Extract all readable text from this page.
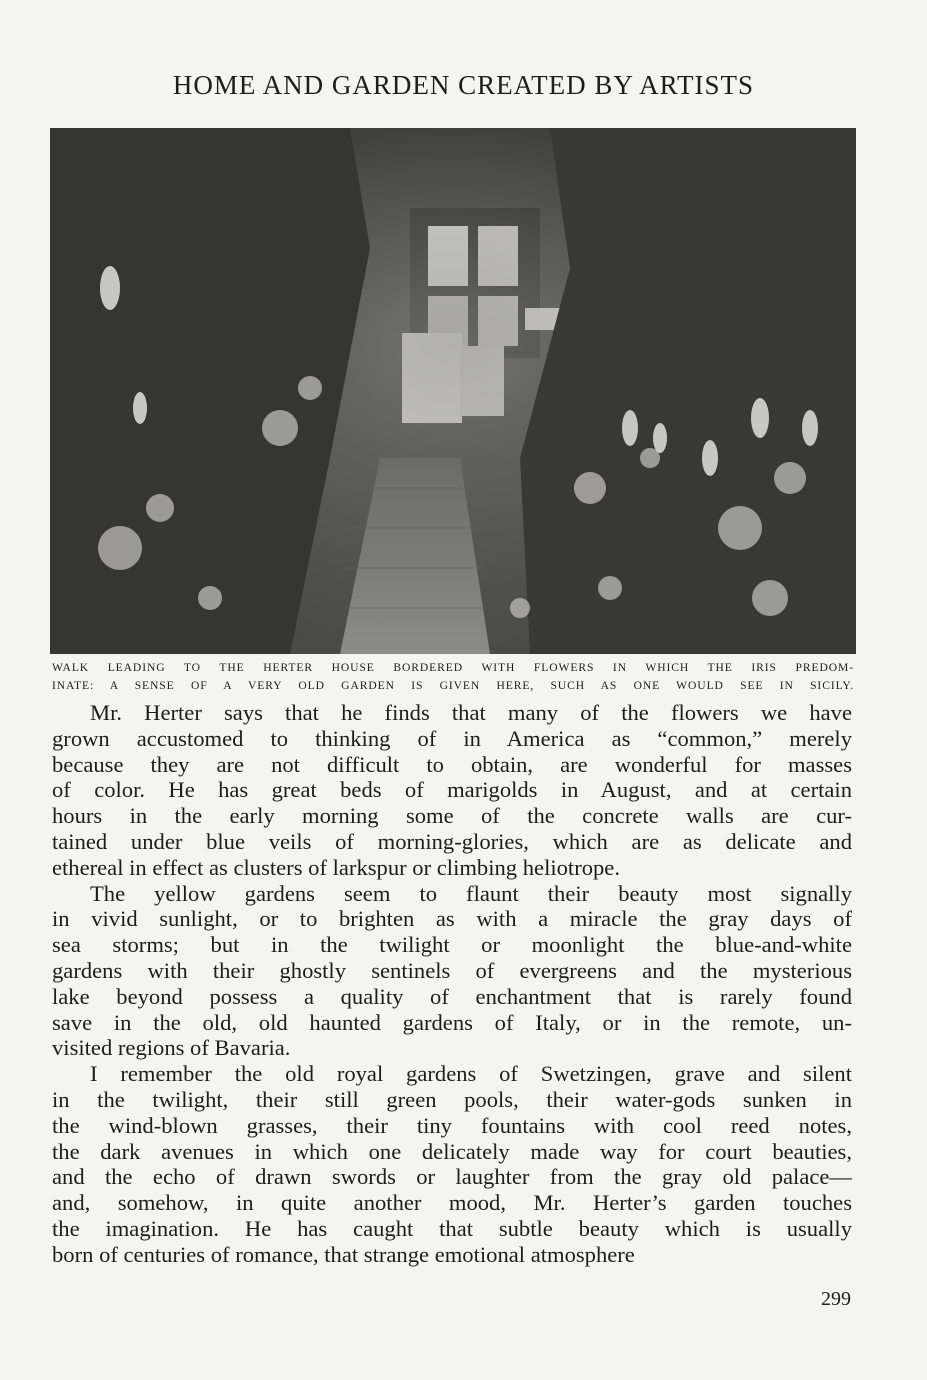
HOME AND GARDEN CREATED BY ARTISTS
WALK LEADING TO THE HERTER HOUSE BORDERED WITH FLOWERS IN WHICH THE IRIS PREDOM-
INATE: A SENSE OF A VERY OLD GARDEN IS GIVEN HERE, SUCH AS ONE WOULD SEE IN SICILY.

Mr. Herter says that he finds that many of the flowers we have
grown accustomed to thinking of in America as “common,” merely
because they are not difficult to obtain, are wonderful for masses
of color. He has great beds of marigolds in August, and at certain
hours in the early morning some of the concrete walls are cur-
tained under blue veils of morning-glories, which are as delicate and
ethereal in effect as clusters of larkspur or climbing heliotrope.

The yellow gardens seem to flaunt their beauty most signally
in vivid sunlight, or to brighten as with a miracle the gray days of
sea storms; but in the twilight or moonlight the blue-and-white
gardens with their ghostly sentinels of evergreens and the mysterious
lake beyond possess a quality of enchantment that is rarely found
save in the old, old haunted gardens of Italy, or in the remote, un-
visited regions of Bavaria.

I remember the old royal gardens of Swetzingen, grave and silent
in the twilight, their still green pools, their water-gods sunken in
the wind-blown grasses, their tiny fountains with cool reed notes,
the dark avenues in which one delicately made way for court beauties,
and the echo of drawn swords or laughter from the gray old palace—
and, somehow, in quite another mood, Mr. Herter’s garden touches
the imagination. He has caught that subtle beauty which is usually
born of centuries of romance, that strange emotional atmosphere

299
